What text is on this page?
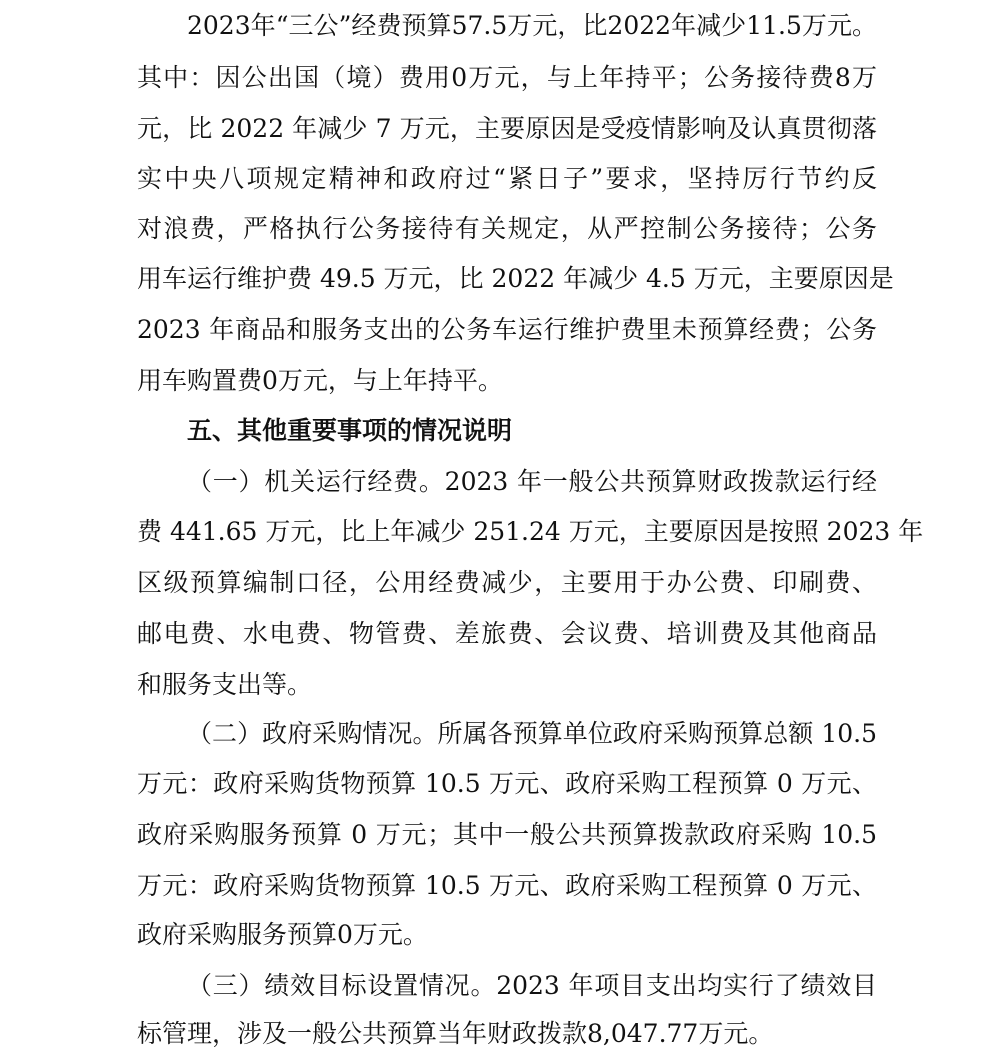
2023年“三公”经费预算57.5万元，比2022年减少11.5万元。
其中：因公出国（境）费用0万元，与上年持平；公务接待费8万
元，比 2022 年减少 7 万元，主要原因是受疫情影响及认真贯彻落
实中央八项规定精神和政府过“紧日子”要求，坚持厉行节约反
对浪费，严格执行公务接待有关规定，从严控制公务接待；公务
用车运行维护费 49.5 万元，比 2022 年减少 4.5 万元，主要原因是
2023 年商品和服务支出的公务车运行维护费里未预算经费；公务
用车购置费0万元，与上年持平。
五、其他重要事项的情况说明
（一）机关运行经费。2023 年一般公共预算财政拨款运行经
费 441.65 万元，比上年减少 251.24 万元，主要原因是按照 2023 年
区级预算编制口径，公用经费减少，主要用于办公费、印刷费、
邮电费、水电费、物管费、差旅费、会议费、培训费及其他商品
和服务支出等。
（二）政府采购情况。所属各预算单位政府采购预算总额 10.5
万元：政府采购货物预算 10.5 万元、政府采购工程预算 0 万元、
政府采购服务预算 0 万元；其中一般公共预算拨款政府采购 10.5
万元：政府采购货物预算 10.5 万元、政府采购工程预算 0 万元、
政府采购服务预算0万元。
（三）绩效目标设置情况。2023 年项目支出均实行了绩效目
标管理，涉及一般公共预算当年财政拨款8,047.77万元。
